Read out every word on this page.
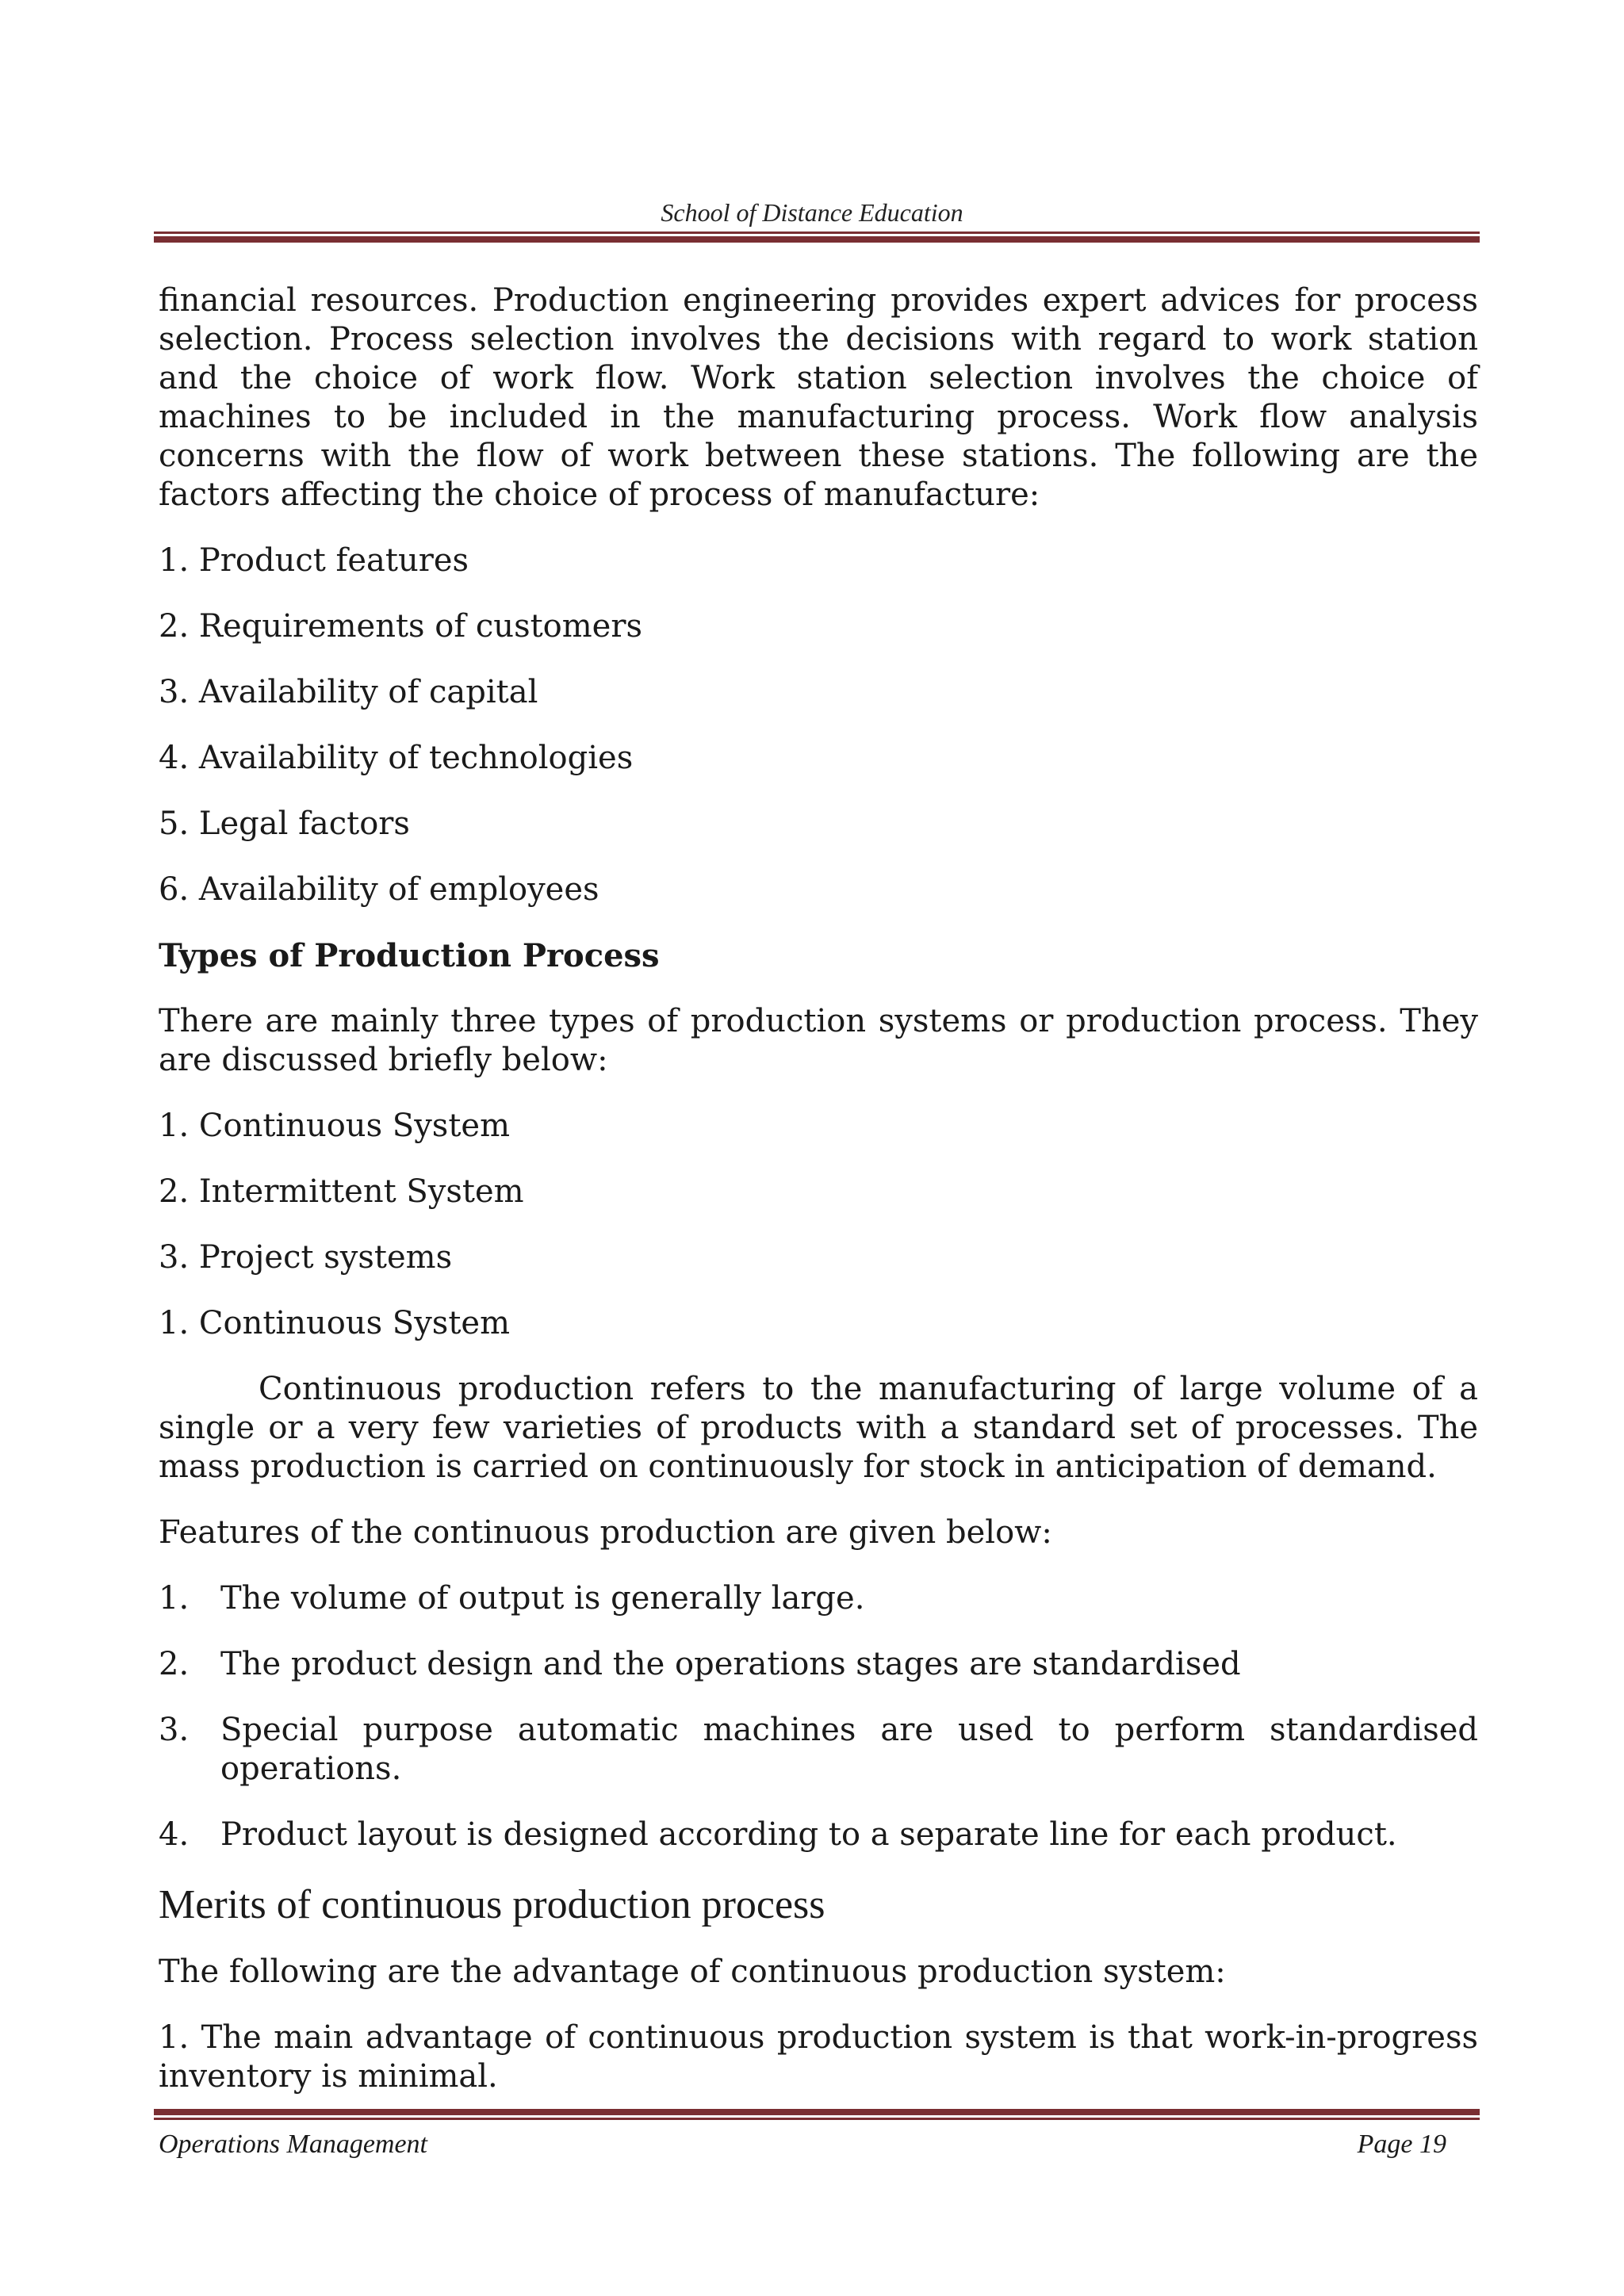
School of Distance Education

financial resources. Production engineering provides expert advices for process selection. Process selection involves the decisions with regard to work station and the choice of work flow. Work station selection involves the choice of machines to be included in the manufacturing process. Work flow analysis concerns with the flow of work between these stations. The following are the factors affecting the choice of process of manufacture:

1. Product features
2. Requirements of customers
3. Availability of capital
4. Availability of technologies
5. Legal factors
6. Availability of employees
Types of Production Process

There are mainly three types of production systems or production process. They are discussed briefly below:

1. Continuous System
2. Intermittent System
3. Project systems
1. Continuous System

Continuous production refers to the manufacturing of large volume of a single or a very few varieties of products with a standard set of processes. The mass production is carried on continuously for stock in anticipation of demand.

Features of the continuous production are given below:

1. The volume of output is generally large.
2. The product design and the operations stages are standardised
3. Special purpose automatic machines are used to perform standardised operations.
4. Product layout is designed according to a separate line for each product.
Merits of continuous production process

The following are the advantage of continuous production system:

1. The main advantage of continuous production system is that work-in-progress inventory is minimal.

Operations Management	Page 19
